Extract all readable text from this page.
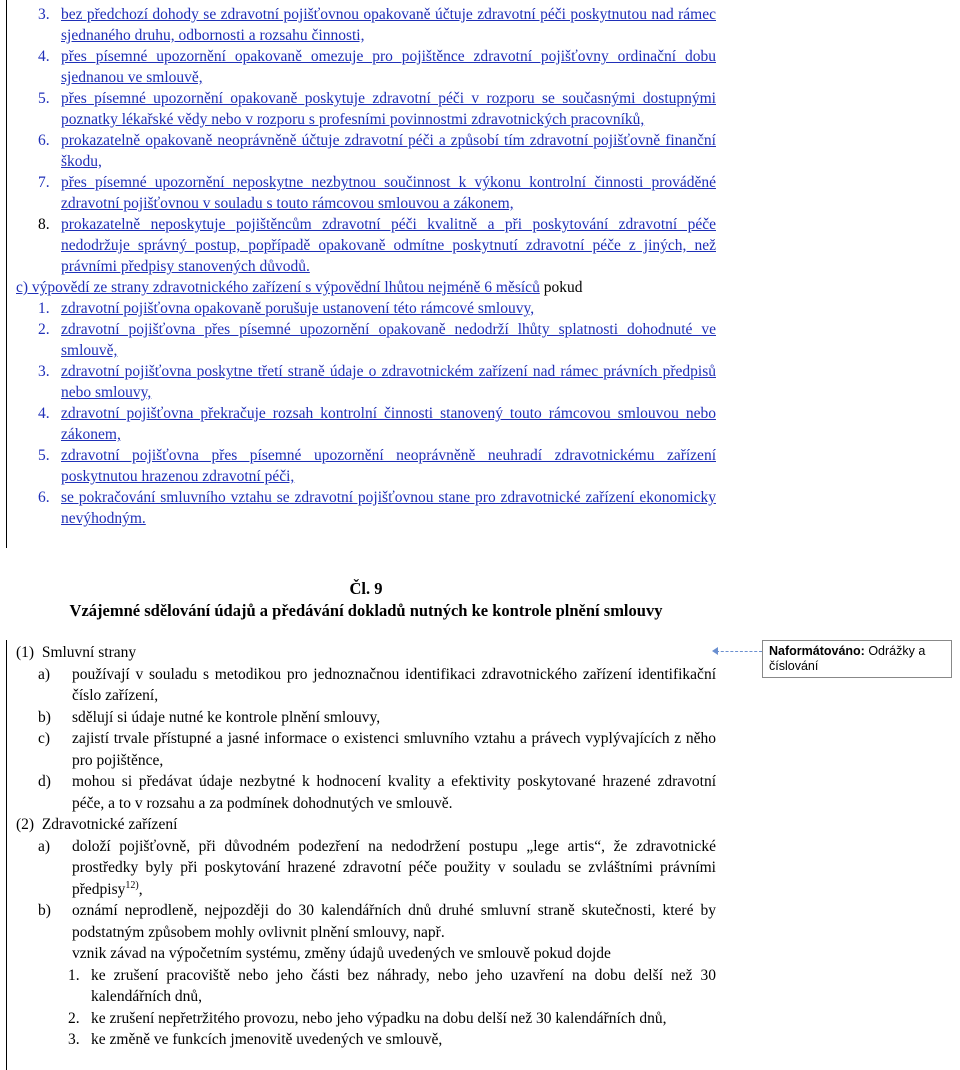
3. bez předchozí dohody se zdravotní pojišťovnou opakovaně účtuje zdravotní péči poskytnutou nad rámec sjednaného druhu, odbornosti a rozsahu činnosti,
4. přes písemné upozornění opakovaně omezuje pro pojištěnce zdravotní pojišťovny ordinační dobu sjednanou ve smlouvě,
5. přes písemné upozornění opakovaně poskytuje zdravotní péči v rozporu se současnými dostupnými poznatky lékařské vědy nebo v rozporu s profesními povinnostmi zdravotnických pracovníků,
6. prokazatelně opakovaně neoprávněně účtuje zdravotní péči a způsobí tím zdravotní pojišťovně finanční škodu,
7. přes písemné upozornění neposkytne nezbytnou součinnost k výkonu kontrolní činnosti prováděné zdravotní pojišťovnou v souladu s touto rámcovou smlouvou a zákonem,
8. prokazatelně neposkytuje pojištěncům zdravotní péči kvalitně a při poskytování zdravotní péče nedodržuje správný postup, popřípadě opakovaně odmítne poskytnutí zdravotní péče z jiných, než právními předpisy stanovených důvodů.
c) výpovědí ze strany zdravotnického zařízení s výpovědní lhůtou nejméně 6 měsíců pokud
1. zdravotní pojišťovna opakovaně porušuje ustanovení této rámcové smlouvy,
2. zdravotní pojišťovna přes písemné upozornění opakovaně nedodrží lhůty splatnosti dohodnuté ve smlouvě,
3. zdravotní pojišťovna poskytne třetí straně údaje o zdravotnickém zařízení nad rámec právních předpisů nebo smlouvy,
4. zdravotní pojišťovna překračuje rozsah kontrolní činnosti stanovený touto rámcovou smlouvou nebo zákonem,
5. zdravotní pojišťovna přes písemné upozornění neoprávněně neuhradí zdravotnickému zařízení poskytnutou hrazenou zdravotní péči,
6. se pokračování smluvního vztahu se zdravotní pojišťovnou stane pro zdravotnické zařízení ekonomicky nevýhodným.
Čl. 9
Vzájemné sdělování údajů a předávání dokladů nutných ke kontrole plnění smlouvy
(1) Smluvní strany
a)	používají v souladu s metodikou pro jednoznačnou identifikaci zdravotnického zařízení identifikační číslo zařízení,
b)	sdělují si údaje nutné ke kontrole plnění smlouvy,
c)	zajistí trvale přístupné a jasné informace o existenci smluvního vztahu a právech vyplývajících z něho pro pojištěnce,
d)	mohou si předávat údaje nezbytné k hodnocení kvality a efektivity poskytované hrazené zdravotní péče, a to v rozsahu a za podmínek dohodnutých ve smlouvě.
(2) Zdravotnické zařízení
a)	doloží pojišťovně, při důvodném podezření na nedodržení postupu „lege artis“, že zdravotnické prostředky byly při poskytování hrazené zdravotní péče použity v souladu se zvláštními právními předpisy$^{12)}$,
b)	oznámí neprodleně, nejpozději do 30 kalendářních dnů druhé smluvní straně skutečnosti, které by podstatným způsobem mohly ovlivnit plnění smlouvy, např.
vznik závad na výpočetním systému, změny údajů uvedených ve smlouvě pokud dojde
1. ke zrušení pracoviště nebo jeho části bez náhrady, nebo jeho uzavření na dobu delší než 30 kalendářních dnů,
2. ke zrušení nepřetržitého provozu, nebo jeho výpadku na dobu delší než 30 kalendářních dnů,
3. ke změně ve funkcích jmenovitě uvedených ve smlouvě,
Naformátováno: Odrážky a číslování
